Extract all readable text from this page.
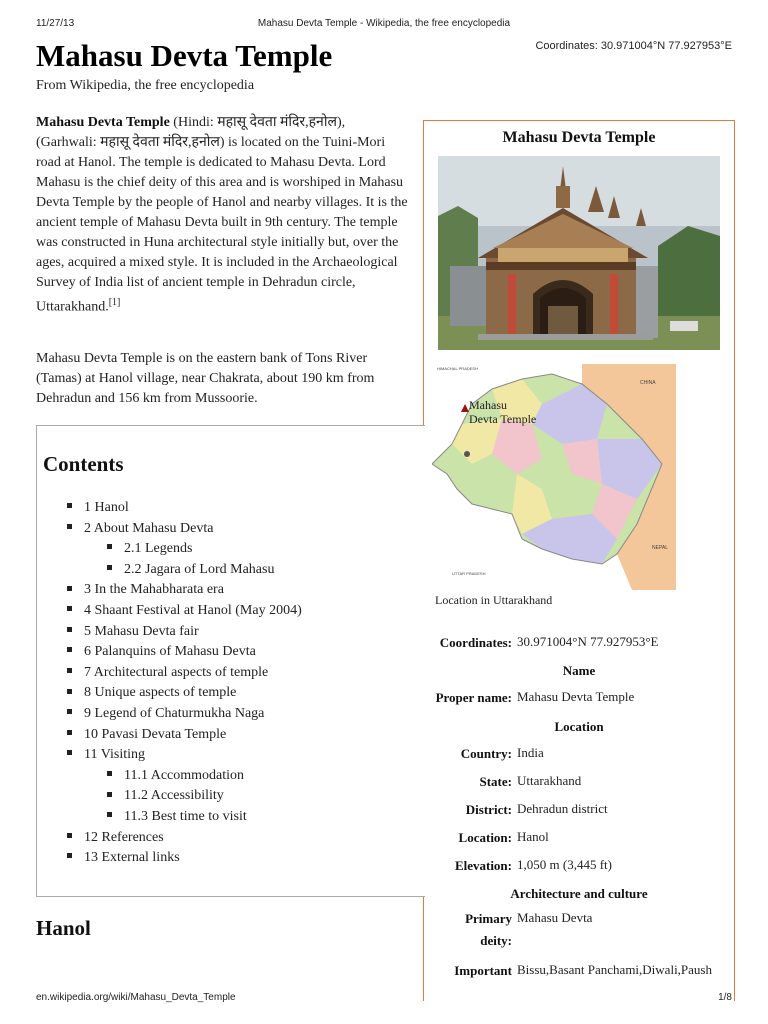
11/27/13	Mahasu Devta Temple - Wikipedia, the free encyclopedia
Mahasu Devta Temple	Coordinates: 30.971004°N 77.927953°E
From Wikipedia, the free encyclopedia
Mahasu Devta Temple (Hindi: महासू देवता मंदिर,हनोल), (Garhwali: महासू देवता मंदिर,हनोल) is located on the Tuini-Mori road at Hanol. The temple is dedicated to Mahasu Devta. Lord Mahasu is the chief deity of this area and is worshiped in Mahasu Devta Temple by the people of Hanol and nearby villages. It is the ancient temple of Mahasu Devta built in 9th century. The temple was constructed in Huna architectural style initially but, over the ages, acquired a mixed style. It is included in the Archaeological Survey of India list of ancient temple in Dehradun circle, Uttarakhand.[1]
Mahasu Devta Temple is on the eastern bank of Tons River (Tamas) at Hanol village, near Chakrata, about 190 km from Dehradun and 156 km from Mussoorie.
Mahasu Devta Temple
HIMACHAL PRADESH
CHINA
NEPAL
UTTAR PRADESH
Mahasu
Devta Temple
Location in Uttarakhand
Coordinates: 30.971004°N 77.927953°E
Name
Proper name: Mahasu Devta Temple
Location
Country: India
State: Uttarakhand
District: Dehradun district
Location: Hanol
Elevation: 1,050 m (3,445 ft)
Architecture and culture
Primary
deity:
Mahasu Devta
Important Bissu,Basant Panchami,Diwali,Paush
Contents
1 Hanol
2 About Mahasu Devta
2.1 Legends
2.2 Jagara of Lord Mahasu
3 In the Mahabharata era
4 Shaant Festival at Hanol (May 2004)
5 Mahasu Devta fair
6 Palanquins of Mahasu Devta
7 Architectural aspects of temple
8 Unique aspects of temple
9 Legend of Chaturmukha Naga
10 Pavasi Devata Temple
11 Visiting
11.1 Accommodation
11.2 Accessibility
11.3 Best time to visit
12 References
13 External links
Hanol
en.wikipedia.org/wiki/Mahasu_Devta_Temple	1/8
